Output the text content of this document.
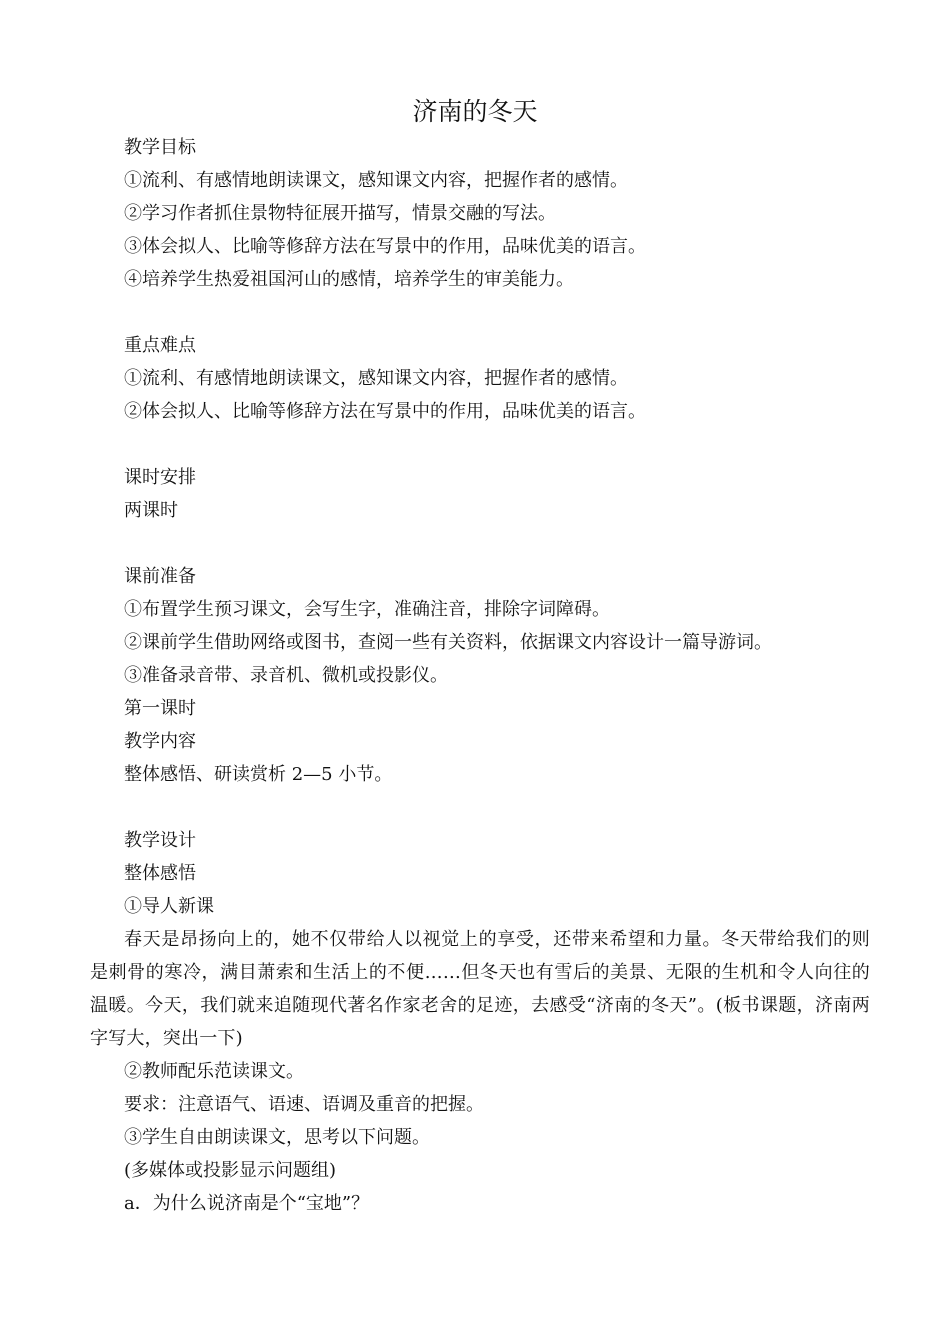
济南的冬天
教学目标
①流利、有感情地朗读课文，感知课文内容，把握作者的感情。
②学习作者抓住景物特征展开描写，情景交融的写法。
③体会拟人、比喻等修辞方法在写景中的作用，品味优美的语言。
④培养学生热爱祖国河山的感情，培养学生的审美能力。
重点难点
①流利、有感情地朗读课文，感知课文内容，把握作者的感情。
②体会拟人、比喻等修辞方法在写景中的作用，品味优美的语言。
课时安排
两课时
课前准备
①布置学生预习课文，会写生字，准确注音，排除字词障碍。
②课前学生借助网络或图书，查阅一些有关资料，依据课文内容设计一篇导游词。
③准备录音带、录音机、微机或投影仪。
第一课时
教学内容
整体感悟、研读赏析 2—5 小节。
教学设计
整体感悟
①导人新课
春天是昂扬向上的，她不仅带给人以视觉上的享受，还带来希望和力量。冬天带给我们的则是刺骨的寒冷，满目萧索和生活上的不便……但冬天也有雪后的美景、无限的生机和令人向往的温暖。今天，我们就来追随现代著名作家老舍的足迹，去感受“济南的冬天”。(板书课题，济南两字写大，突出一下)
②教师配乐范读课文。
要求：注意语气、语速、语调及重音的把握。
③学生自由朗读课文，思考以下问题。
(多媒体或投影显示问题组)
a．为什么说济南是个“宝地”？
